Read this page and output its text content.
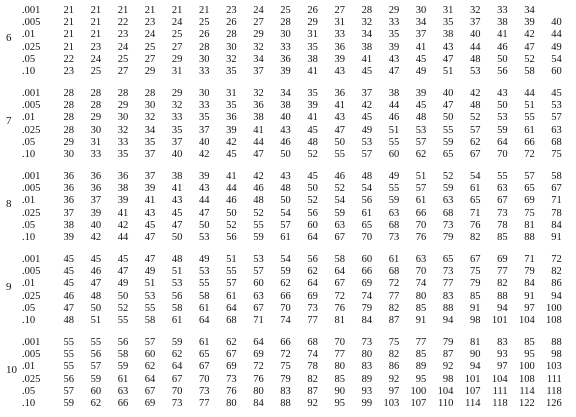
6
.001	21	21	21	21	21	21	23	24	25	26	27	28	29	30	31	32	33	34
.005	21	21	22	23	24	25	26	27	28	29	31	32	33	34	35	37	38	39	40
.01	21	21	23	24	25	26	28	29	30	31	33	34	35	37	38	40	41	42	44
.025	21	23	24	25	27	28	30	32	33	35	36	38	39	41	43	44	46	47	49
.05	22	24	25	27	29	30	32	34	36	38	39	41	43	45	47	48	50	52	54
.10	23	25	27	29	31	33	35	37	39	41	43	45	47	49	51	53	56	58	60
7
.001	28	28	28	28	29	30	31	32	34	35	36	37	38	39	40	42	43	44	45
.005	28	28	29	30	32	33	35	36	38	39	41	42	44	45	47	48	50	51	53
.01	28	29	30	32	33	35	36	38	40	41	43	45	46	48	50	52	53	55	57
.025	28	30	32	34	35	37	39	41	43	45	47	49	51	53	55	57	59	61	63
.05	29	31	33	35	37	40	42	44	46	48	50	53	55	57	59	62	64	66	68
.10	30	33	35	37	40	42	45	47	50	52	55	57	60	62	65	67	70	72	75
8
.001	36	36	36	37	38	39	41	42	43	45	46	48	49	51	52	54	55	57	58
.005	36	36	38	39	41	43	44	46	48	50	52	54	55	57	59	61	63	65	67
.01	36	37	39	41	43	44	46	48	50	52	54	56	59	61	63	65	67	69	71
.025	37	39	41	43	45	47	50	52	54	56	59	61	63	66	68	71	73	75	78
.05	38	40	42	45	47	50	52	55	57	60	63	65	68	70	73	76	78	81	84
.10	39	42	44	47	50	53	56	59	61	64	67	70	73	76	79	82	85	88	91
9
.001	45	45	45	47	48	49	51	53	54	56	58	60	61	63	65	67	69	71	72
.005	45	46	47	49	51	53	55	57	59	62	64	66	68	70	73	75	77	79	82
.01	45	47	49	51	53	55	57	60	62	64	67	69	72	74	77	79	82	84	86
.025	46	48	50	53	56	58	61	63	66	69	72	74	77	80	83	85	88	91	94
.05	47	50	52	55	58	61	64	67	70	73	76	79	82	85	88	91	94	97	100
.10	48	51	55	58	61	64	68	71	74	77	81	84	87	91	94	98	101	104	108
10
.001	55	55	56	57	59	61	62	64	66	68	70	73	75	77	79	81	83	85	88
.005	55	56	58	60	62	65	67	69	72	74	77	80	82	85	87	90	93	95	98
.01	55	57	59	62	64	67	69	72	75	78	80	83	86	89	92	94	97	100	103
.025	56	59	61	64	67	70	73	76	79	82	85	89	92	95	98	101	104	108	111
.05	57	60	63	67	70	73	76	80	83	87	90	93	97	100	104	107	111	114	118
.10	59	62	66	69	73	77	80	84	88	92	95	99	103	107	110	114	118	122	126
